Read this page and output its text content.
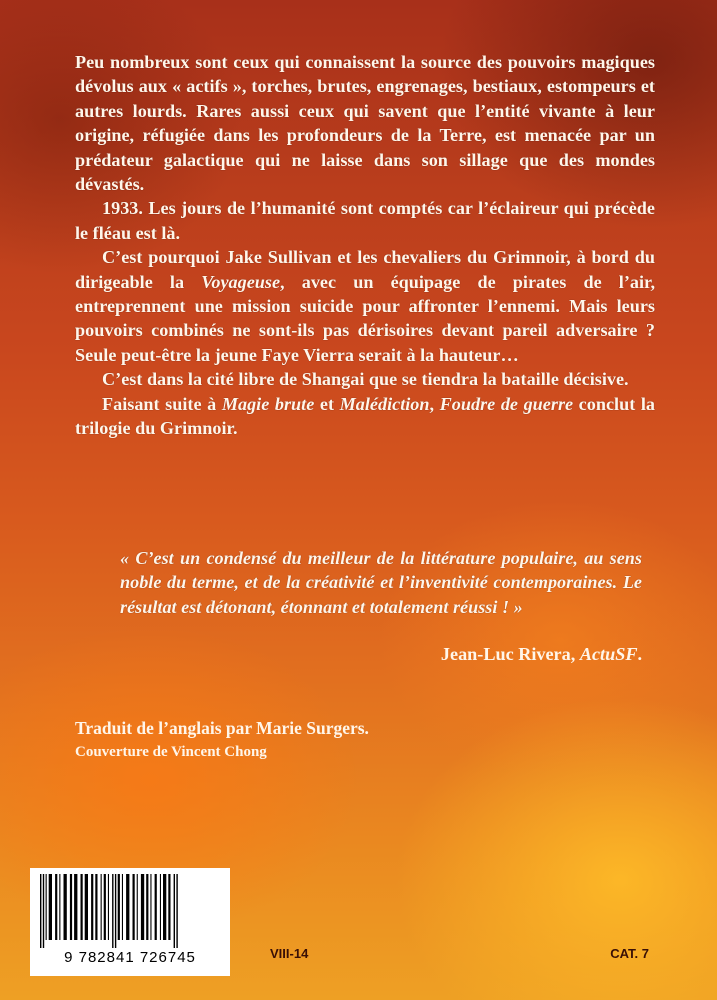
Peu nombreux sont ceux qui connaissent la source des pouvoirs magiques dévolus aux « actifs », torches, brutes, engrenages, bestiaux, estompeurs et autres lourds. Rares aussi ceux qui savent que l’entité vivante à leur origine, réfugiée dans les profondeurs de la Terre, est menacée par un prédateur galactique qui ne laisse dans son sillage que des mondes dévastés.

1933. Les jours de l’humanité sont comptés car l’éclaireur qui précède le fléau est là.

C’est pourquoi Jake Sullivan et les chevaliers du Grimnoir, à bord du dirigeable la Voyageuse, avec un équipage de pirates de l’air, entreprennent une mission suicide pour affronter l’ennemi. Mais leurs pouvoirs combinés ne sont-ils pas dérisoires devant pareil adversaire ? Seule peut-être la jeune Faye Vierra serait à la hauteur…

C’est dans la cité libre de Shangai que se tiendra la bataille décisive.

Faisant suite à Magie brute et Malédiction, Foudre de guerre conclut la trilogie du Grimnoir.

« C’est un condensé du meilleur de la littérature populaire, au sens noble du terme, et de la créativité et l’inventivité contemporaines. Le résultat est détonant, étonnant et totalement réussi ! »
Jean-Luc Rivera, ActuSF.
Traduit de l’anglais par Marie Surgers.
Couverture de Vincent Chong
9 782841 726745	VIII-14	CAT. 7
